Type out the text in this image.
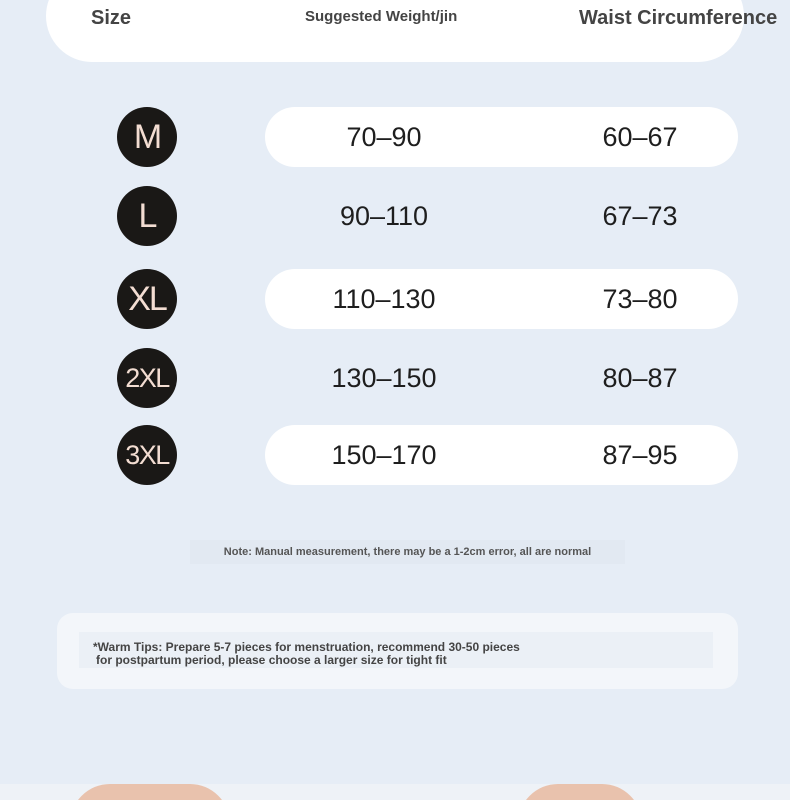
Size	Suggested Weight/jin	Waist Circumference
M	70–90	60–67
L	90–110	67–73
XL	110–130	73–80
2XL	130–150	80–87
3XL	150–170	87–95
Note: Manual measurement, there may be a 1-2cm error, all are normal

*Warm Tips: Prepare 5-7 pieces for menstruation, recommend 30-50 pieces
for postpartum period, please choose a larger size for tight fit
